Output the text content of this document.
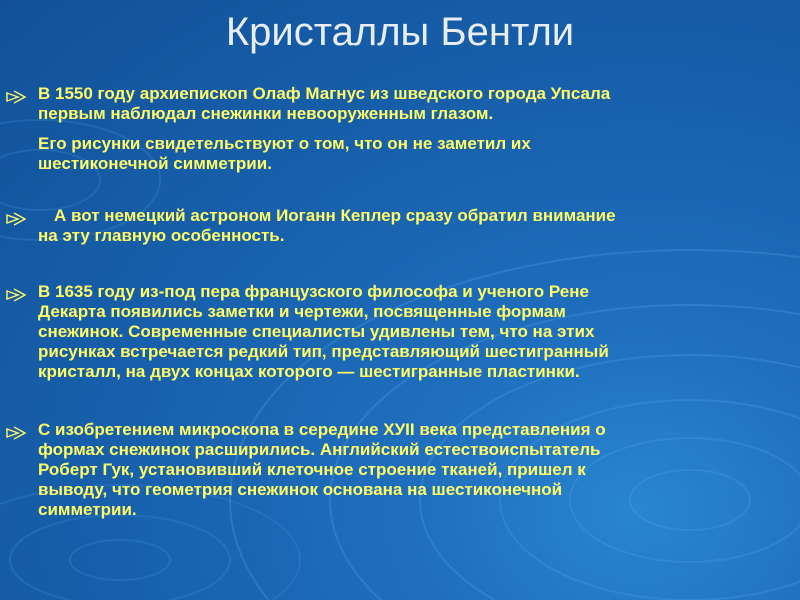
Кристаллы Бентли
В 1550 году архиепископ Олаф Магнус из шведского города Упсала
первым наблюдал снежинки невооруженным глазом.
Его рисунки свидетельствуют о том, что он не заметил их
шестиконечной симметрии.
А вот немецкий астроном Иоганн Кеплер сразу обратил внимание
на эту главную особенность.
В 1635 году из-под пера французского философа и ученого Рене
Декарта появились заметки и чертежи, посвященные формам
снежинок. Современные специалисты удивлены тем, что на этих
рисунках встречается редкий тип, представляющий шестигранный
кристалл, на двух концах которого — шестигранные пластинки.
С изобретением микроскопа в середине XУII века представления о
формах снежинок расширились. Английский естествоиспытатель
Роберт Гук, установивший клеточное строение тканей, пришел к
выводу, что геометрия снежинок основана на шестиконечной
симметрии.
